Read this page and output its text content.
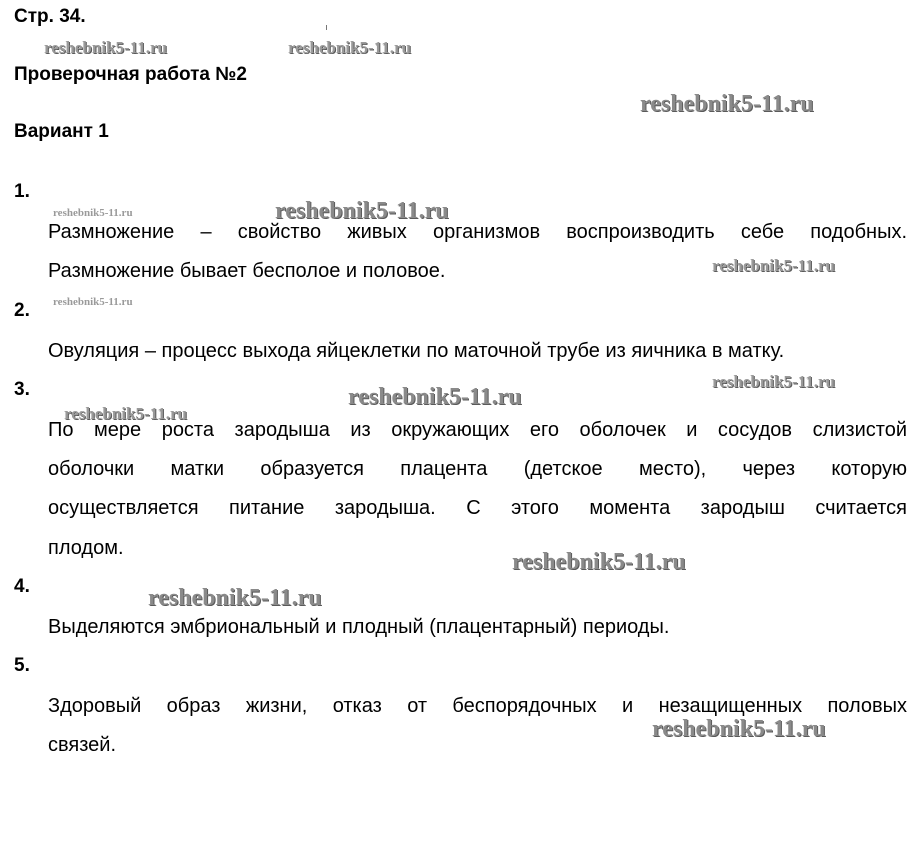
Стр. 34.
Проверочная работа №2
Вариант 1
1.
Размножение – свойство живых организмов воспроизводить себе подобных.
Размножение бывает бесполое и половое.
2.
Овуляция – процесс выхода яйцеклетки по маточной трубе из яичника в матку.
3.
По мере роста зародыша из окружающих его оболочек и сосудов слизистой
оболочки матки образуется плацента (детское место), через которую
осуществляется питание зародыша. С этого момента зародыш считается
плодом.
4.
Выделяются эмбриональный и плодный (плацентарный) периоды.
5.
Здоровый образ жизни, отказ от беспорядочных и незащищенных половых
связей.
reshebnik5-11.ru	reshebnik5-11.ru
reshebnik5-11.ru
reshebnik5-11.ru	reshebnik5-11.ru
reshebnik5-11.ru
reshebnik5-11.ru
reshebnik5-11.ru
reshebnik5-11.ru
reshebnik5-11.ru
reshebnik5-11.ru
reshebnik5-11.ru
reshebnik5-11.ru
